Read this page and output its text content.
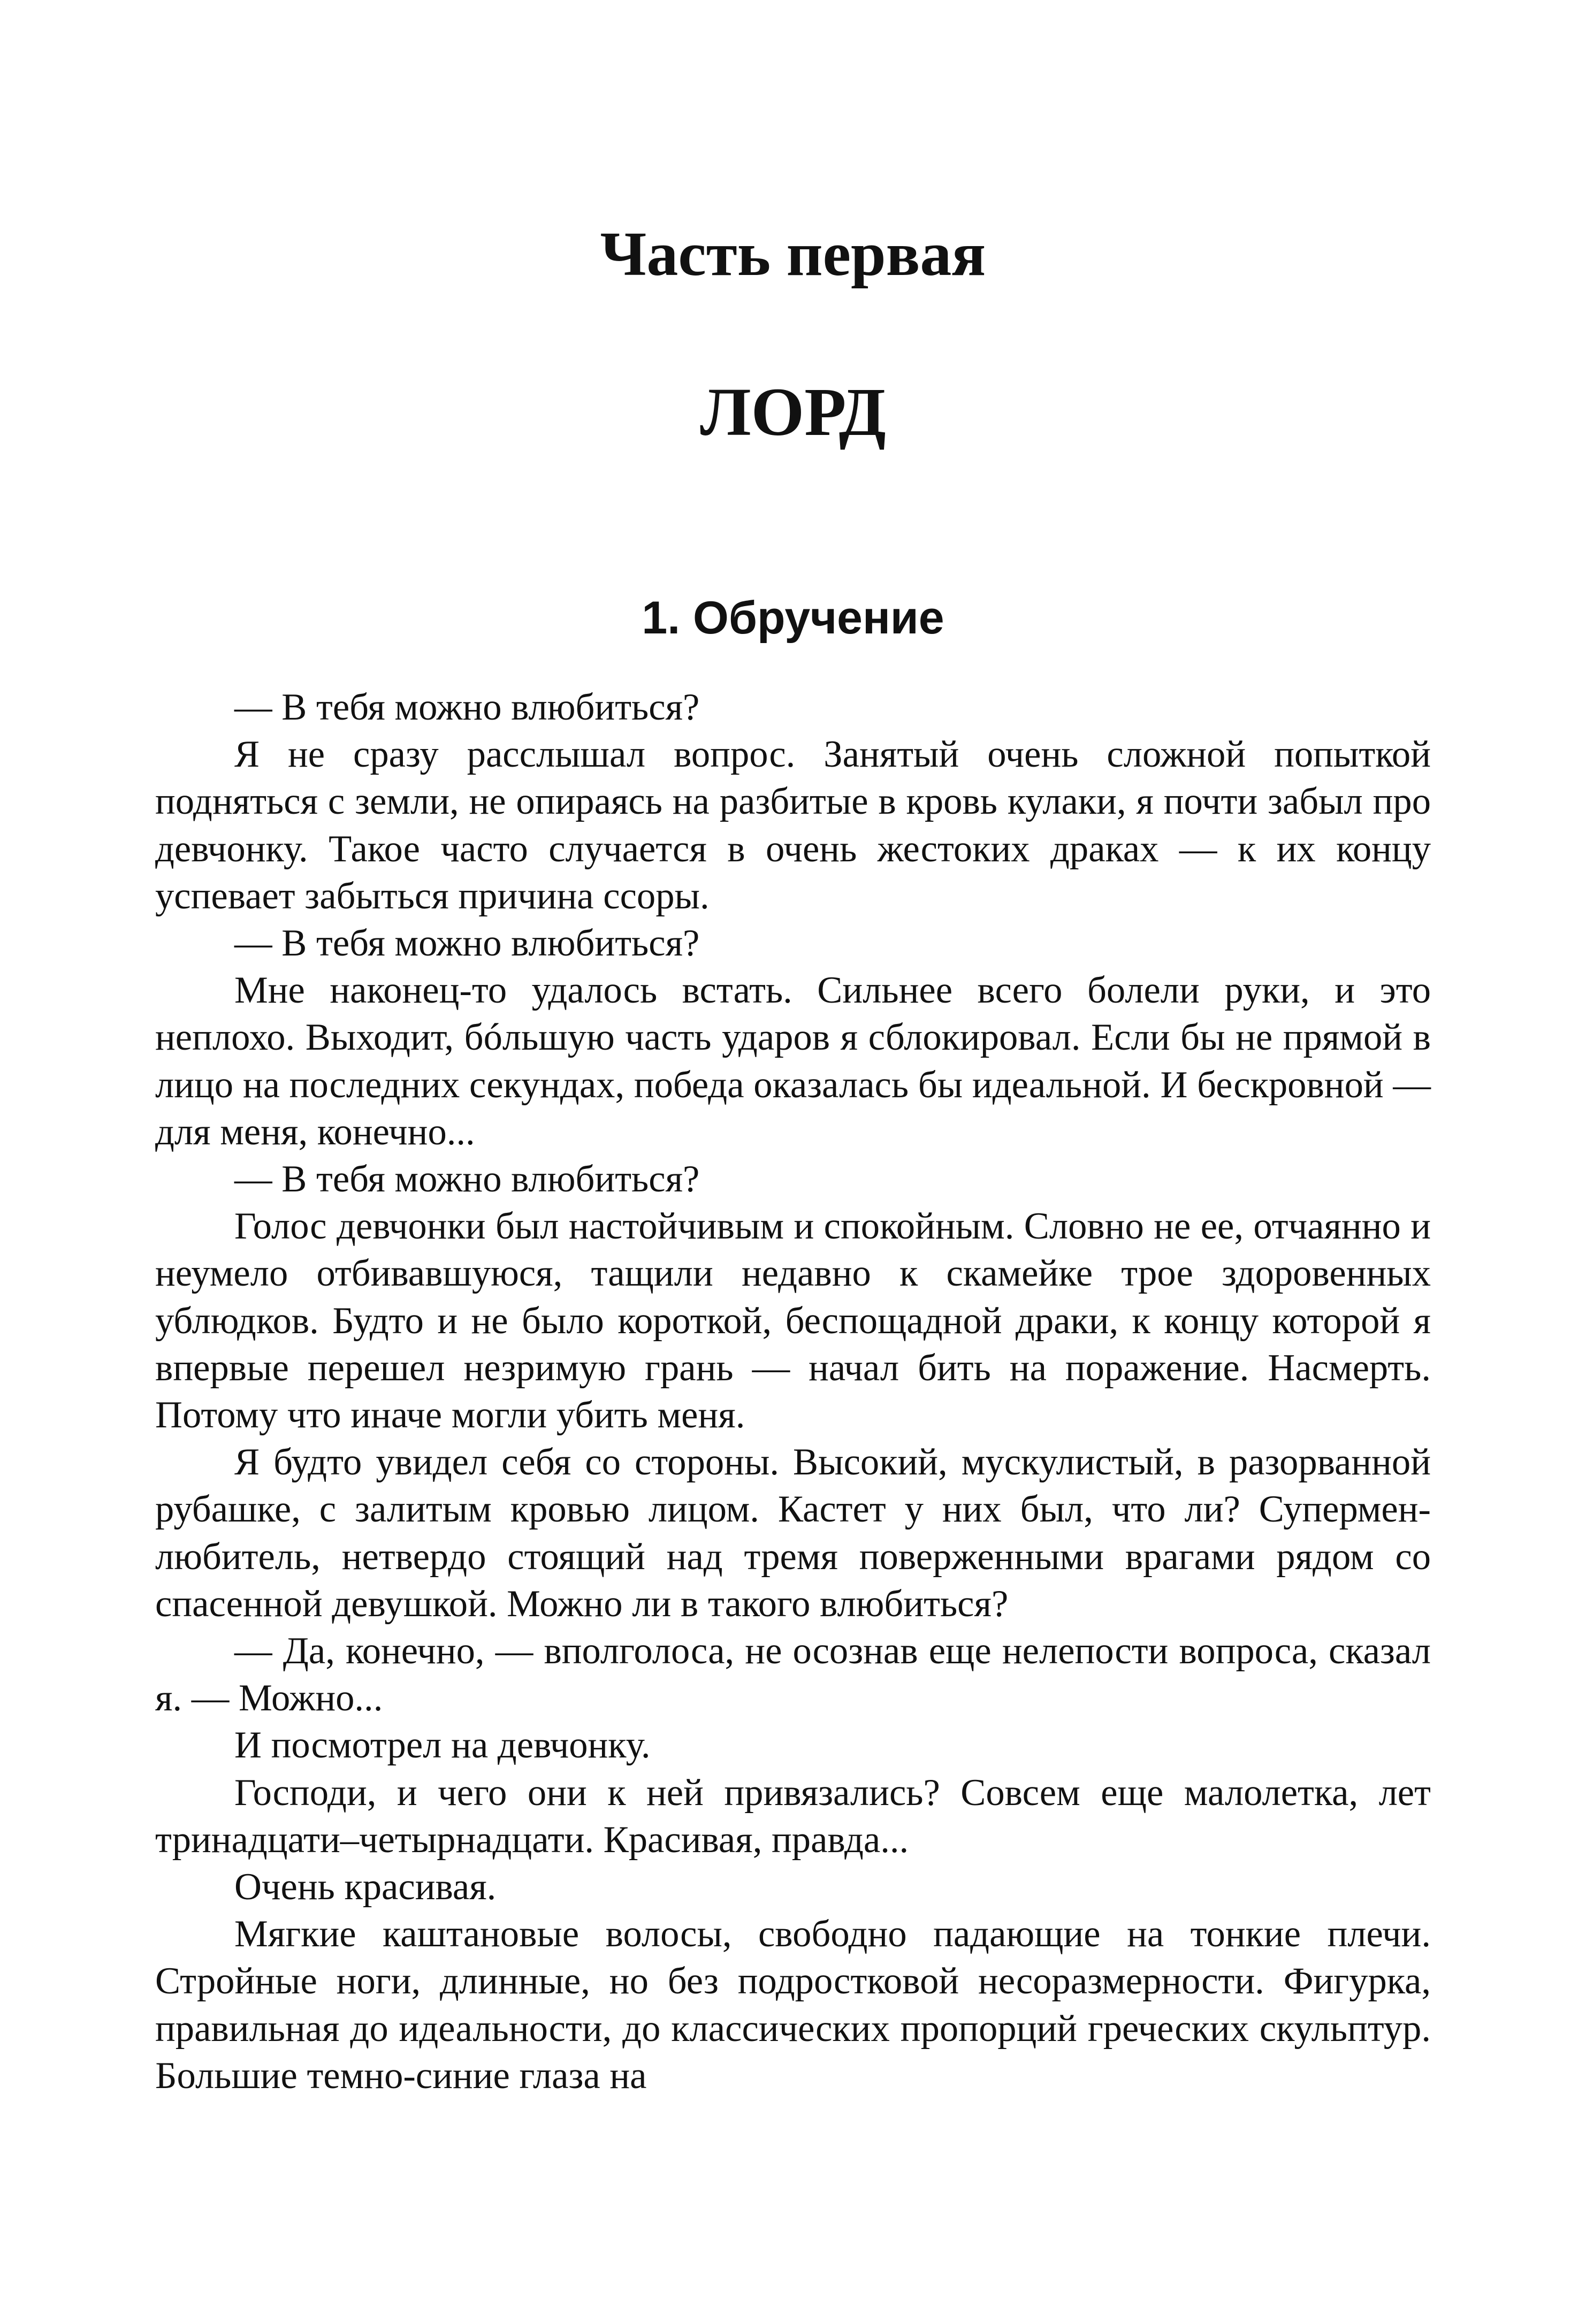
Часть первая
ЛОРД
1. Обручение

— В тебя можно влюбиться?

Я не сразу расслышал вопрос. Занятый очень сложной попыткой подняться с земли, не опираясь на разбитые в кровь кулаки, я почти забыл про девчонку. Такое часто случается в очень жестоких драках — к их концу успевает забыться причина ссоры.

— В тебя можно влюбиться?

Мне наконец-то удалось встать. Сильнее всего болели руки, и это неплохо. Выходит, бóльшую часть ударов я сблокировал. Если бы не прямой в лицо на последних секундах, победа оказалась бы идеальной. И бескровной — для меня, конечно...

— В тебя можно влюбиться?

Голос девчонки был настойчивым и спокойным. Словно не ее, отчаянно и неумело отбивавшуюся, тащили недавно к скамейке трое здоровенных ублюдков. Будто и не было короткой, беспощадной драки, к концу которой я впервые перешел незримую грань — начал бить на поражение. Насмерть. Потому что иначе могли убить меня.

Я будто увидел себя со стороны. Высокий, мускулистый, в разорванной рубашке, с залитым кровью лицом. Кастет у них был, что ли? Супермен-любитель, нетвердо стоящий над тремя поверженными врагами рядом со спасенной девушкой. Можно ли в такого влюбиться?

— Да, конечно, — вполголоса, не осознав еще нелепости вопроса, сказал я. — Можно...

И посмотрел на девчонку.

Господи, и чего они к ней привязались? Совсем еще малолетка, лет тринадцати–четырнадцати. Красивая, правда...

Очень красивая.

Мягкие каштановые волосы, свободно падающие на тонкие плечи. Стройные ноги, длинные, но без подростковой несоразмерности. Фигурка, правильная до идеальности, до классических пропорций греческих скульптур. Большие темно-синие глаза на
